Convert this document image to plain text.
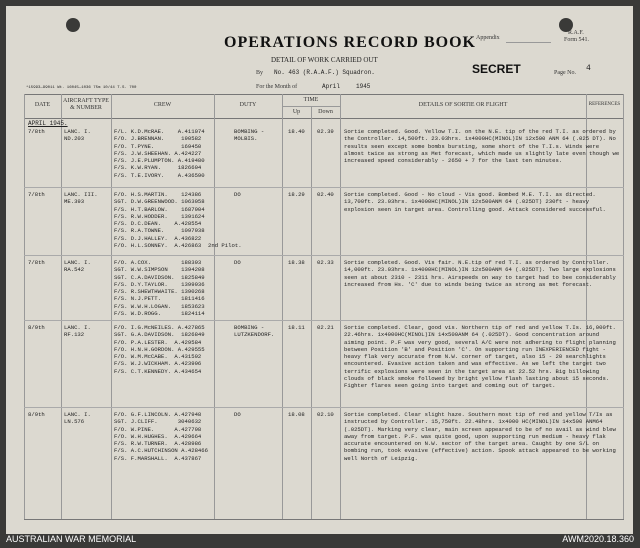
OPERATIONS RECORD BOOK
DETAIL OF WORK CARRIED OUT
Appendix
R.A.F.
Form 541.
By No. 463 (R.A.A.F.) Squadron.
For the Month of	April	1945
SECRET	Page No. 4
*15993—99011 Wt. 16045—1036 75m 10/44 T.S. 700
DATE
AIRCRAFT TYPE & NUMBER	CREW	DUTY
TIME
Up	Down
DETAILS OF SORTIE OR FLIGHT	REFERENCES
APRIL 1945.
7/8th	LANC. I.
ND.203
F/L. K.D.McRAE.    A.411074
F/O. J.BRENNAN.     190582
F/O. T.PYNE.        169450
F/S. J.W.SHEEHAN. A.424227
F/S. J.E.PLUMPTON. A.419480
F/S. K.W.RYAN.     1826604
F/S. T.E.IVORY.    A.436590
BOMBING -
MOLBIS.
18.40 02.39 Sortie completed. Good. Yellow T.I. on the N.E. tip of the red T.I. as ordered by the Controller. 14,500ft. 23.03hrs. 1x4000HC(MINOL)IN 12x500 ANM 64 (.025 DT). No results seen except some bombs bursting, some short of the T.I.s. Winds were almost twice as strong as Met forecast, which made us slightly late even though we increased speed considerably - 2650 + 7 for the last ten minutes.
7/8th	LANC. III.
ME.393
F/O. H.S.MARTIN.    124386
SGT. D.W.GREENWOOD. 1063058
F/S. H.T.BARLOW.    1687904
F/S. R.W.HODDER.    1391624
F/S. D.C.DEAN.    A.428554
F/S. R.A.TOWNE.     1097938
F/S. D.J.HALLEY.  A.436822
F/O. H.L.SONNEY.  A.426863  2nd Pilot.
DO	18.29 02.40 Sortie completed. Good - No cloud - Vis good. Bombed M.E. T.I. as directed. 13,700ft. 23.03hrs. 1x4000HC(MINOL)IN 12x500ANM 64 (.025DT) 230ft - heavy explosion seen in target area. Controlling good. Attack considered successful.
7/8th	LANC. I.
RA.542
F/O. A.COX.         188393
SGT. W.W.SIMPSON    1394208
SGT. C.A.DAVIDSON.  1825849
F/S. D.Y.TAYLOR.    1399936
F/S. R.SHEWTHWAITE. 1390268
F/S. N.J.PETT.      1811416
F/S. W.W.H.LOGAN.   1853623
F/S. W.D.ROGG.      1824114
DO	18.38 02.33 Sortie completed. Good. Vis fair. N.E.tip of red T.I. as ordered by Controller. 14,000ft. 23.03hrs. 1x4000HC(MINOL)IN 12x500ANM 64 (.025DT). Two large explosions seen at about 2310 - 2311 hrs. Airspeeds on way to target had to bee considerably increased from Hs. 'C' due to winds being twice as strong as met forecast.
8/9th	LANC. I.
RF.132
F/O. I.G.McNEILES. A.427865
SGT. G.A.DAVIDSON.  1826849
F/O. P.A.LESTER.  A.429584
F/O. H.N.H.GORDON. A.429555
F/O. W.M.McCABE.  A.431592
F/S. W.J.WICKHAM. A.423996
F/S. C.T.KENNEDY. A.434654
BOMBING -
LUTZKENDORF.
18.11 02.21 Sortie completed. Clear, good vis. Northern tip of red and yellow T.Is. 16,000ft. 22.46hrs. 1x4000HC(MINOL)IN 14x500ANM 64 (.025DT). Good concentration around aiming point. P.F was very good, several A/C were not adhering to flight planning between Position 'B' and Position 'C'. On supporting run INEXPERIENCED fight - heavy flak very accurate from N.W. corner of target, also 15 - 20 searchlights encountered. Evasive action taken and was effective. As we left the target two terrific explosions were seen in the target area at 22.52 hrs. Big billowing clouds of black smoke followed by bright yellow flash lasting about 15 seconds. Fighter flares seen going into target and coming out of target.
8/9th	LANC. I.
LN.576
F/O. G.F.LINCOLN. A.427948
SGT. J.CLIFF.      3040632
F/O. W.PINE.      A.427798
F/O. W.H.HUGHES.  A.429664
F/S. R.W.TURNER.  A.428986
F/S. A.C.HUTCHINSON A.428466
F/S. F.MARSHALL.  A.437867
DO	18.08 02.10 Sortie completed. Clear slight haze. Southern most tip of red and yellow T/Is as instructed by Controller. 15,750ft. 22.48hrs. 1x4000 HC(MINOL)IN 14x500 ANM64 (.025DT). Marking very clear, main screen appeared to be of no avail as wind blew away from target. P.F. was quite good, upon supporting run medium - heavy flak accurate encountered on N.W. sector of the target area. Caught by one S/L on bombing run, took evasive (effective) action. Spook attack appeared to be working well North of Leipzig.
AUSTRALIAN WAR MEMORIAL	AWM2020.18.360
